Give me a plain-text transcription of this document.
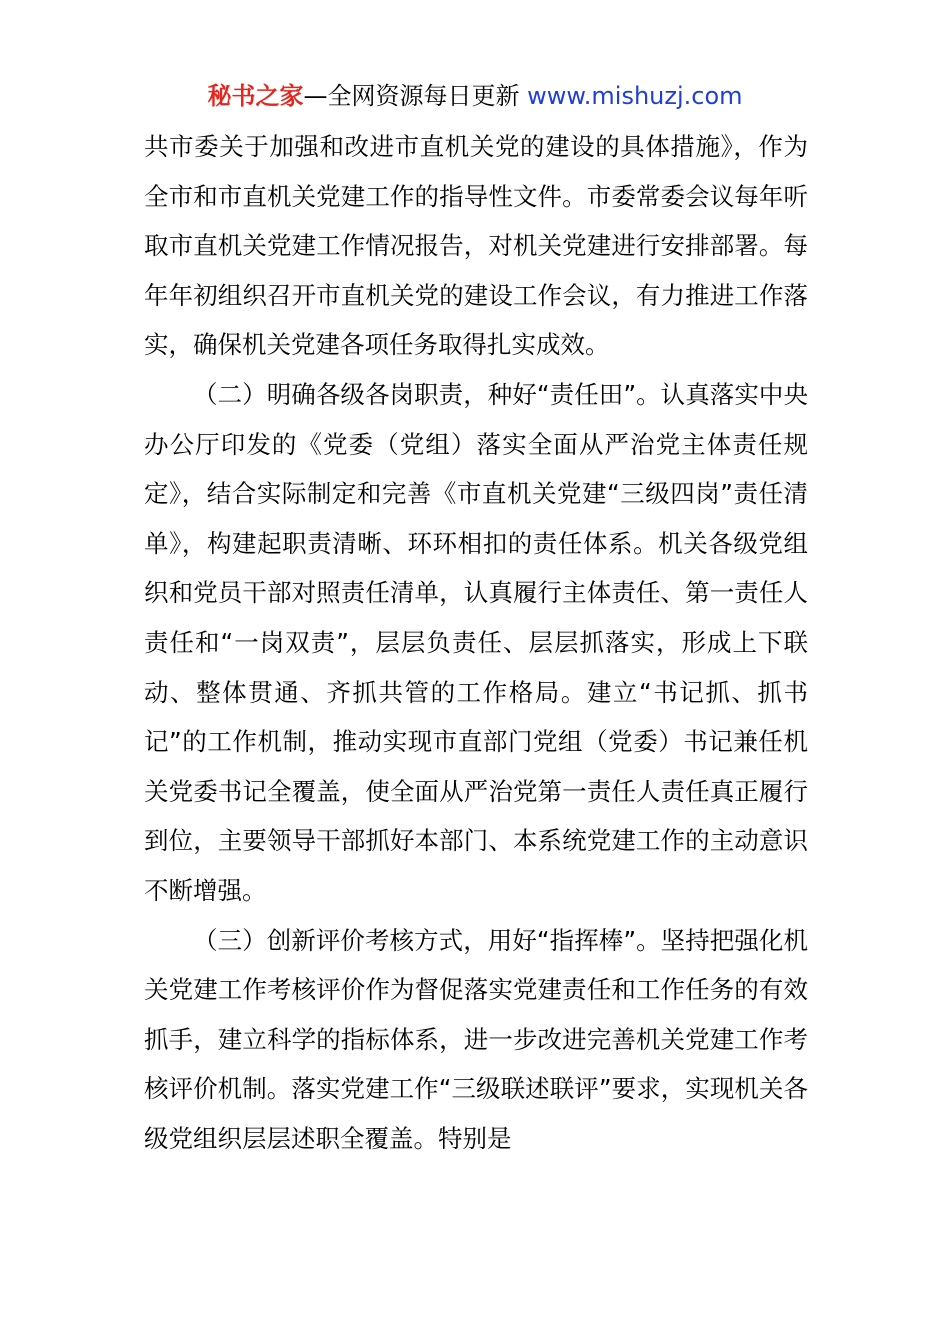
秘书之家—全网资源每日更新 www.mishuzj.com

共市委关于加强和改进市直机关党的建设的具体措施》，作为全市和市直机关党建工作的指导性文件。市委常委会议每年听取市直机关党建工作情况报告，对机关党建进行安排部署。每年年初组织召开市直机关党的建设工作会议，有力推进工作落实，确保机关党建各项任务取得扎实成效。

（二）明确各级各岗职责，种好“责任田”。认真落实中央办公厅印发的《党委（党组）落实全面从严治党主体责任规定》，结合实际制定和完善《市直机关党建“三级四岗”责任清单》，构建起职责清晰、环环相扣的责任体系。机关各级党组织和党员干部对照责任清单，认真履行主体责任、第一责任人责任和“一岗双责”，层层负责任、层层抓落实，形成上下联动、整体贯通、齐抓共管的工作格局。建立“书记抓、抓书记”的工作机制，推动实现市直部门党组（党委）书记兼任机关党委书记全覆盖，使全面从严治党第一责任人责任真正履行到位，主要领导干部抓好本部门、本系统党建工作的主动意识不断增强。

（三）创新评价考核方式，用好“指挥棒”。坚持把强化机关党建工作考核评价作为督促落实党建责任和工作任务的有效抓手，建立科学的指标体系，进一步改进完善机关党建工作考核评价机制。落实党建工作“三级联述联评”要求，实现机关各级党组织层层述职全覆盖。特别是
